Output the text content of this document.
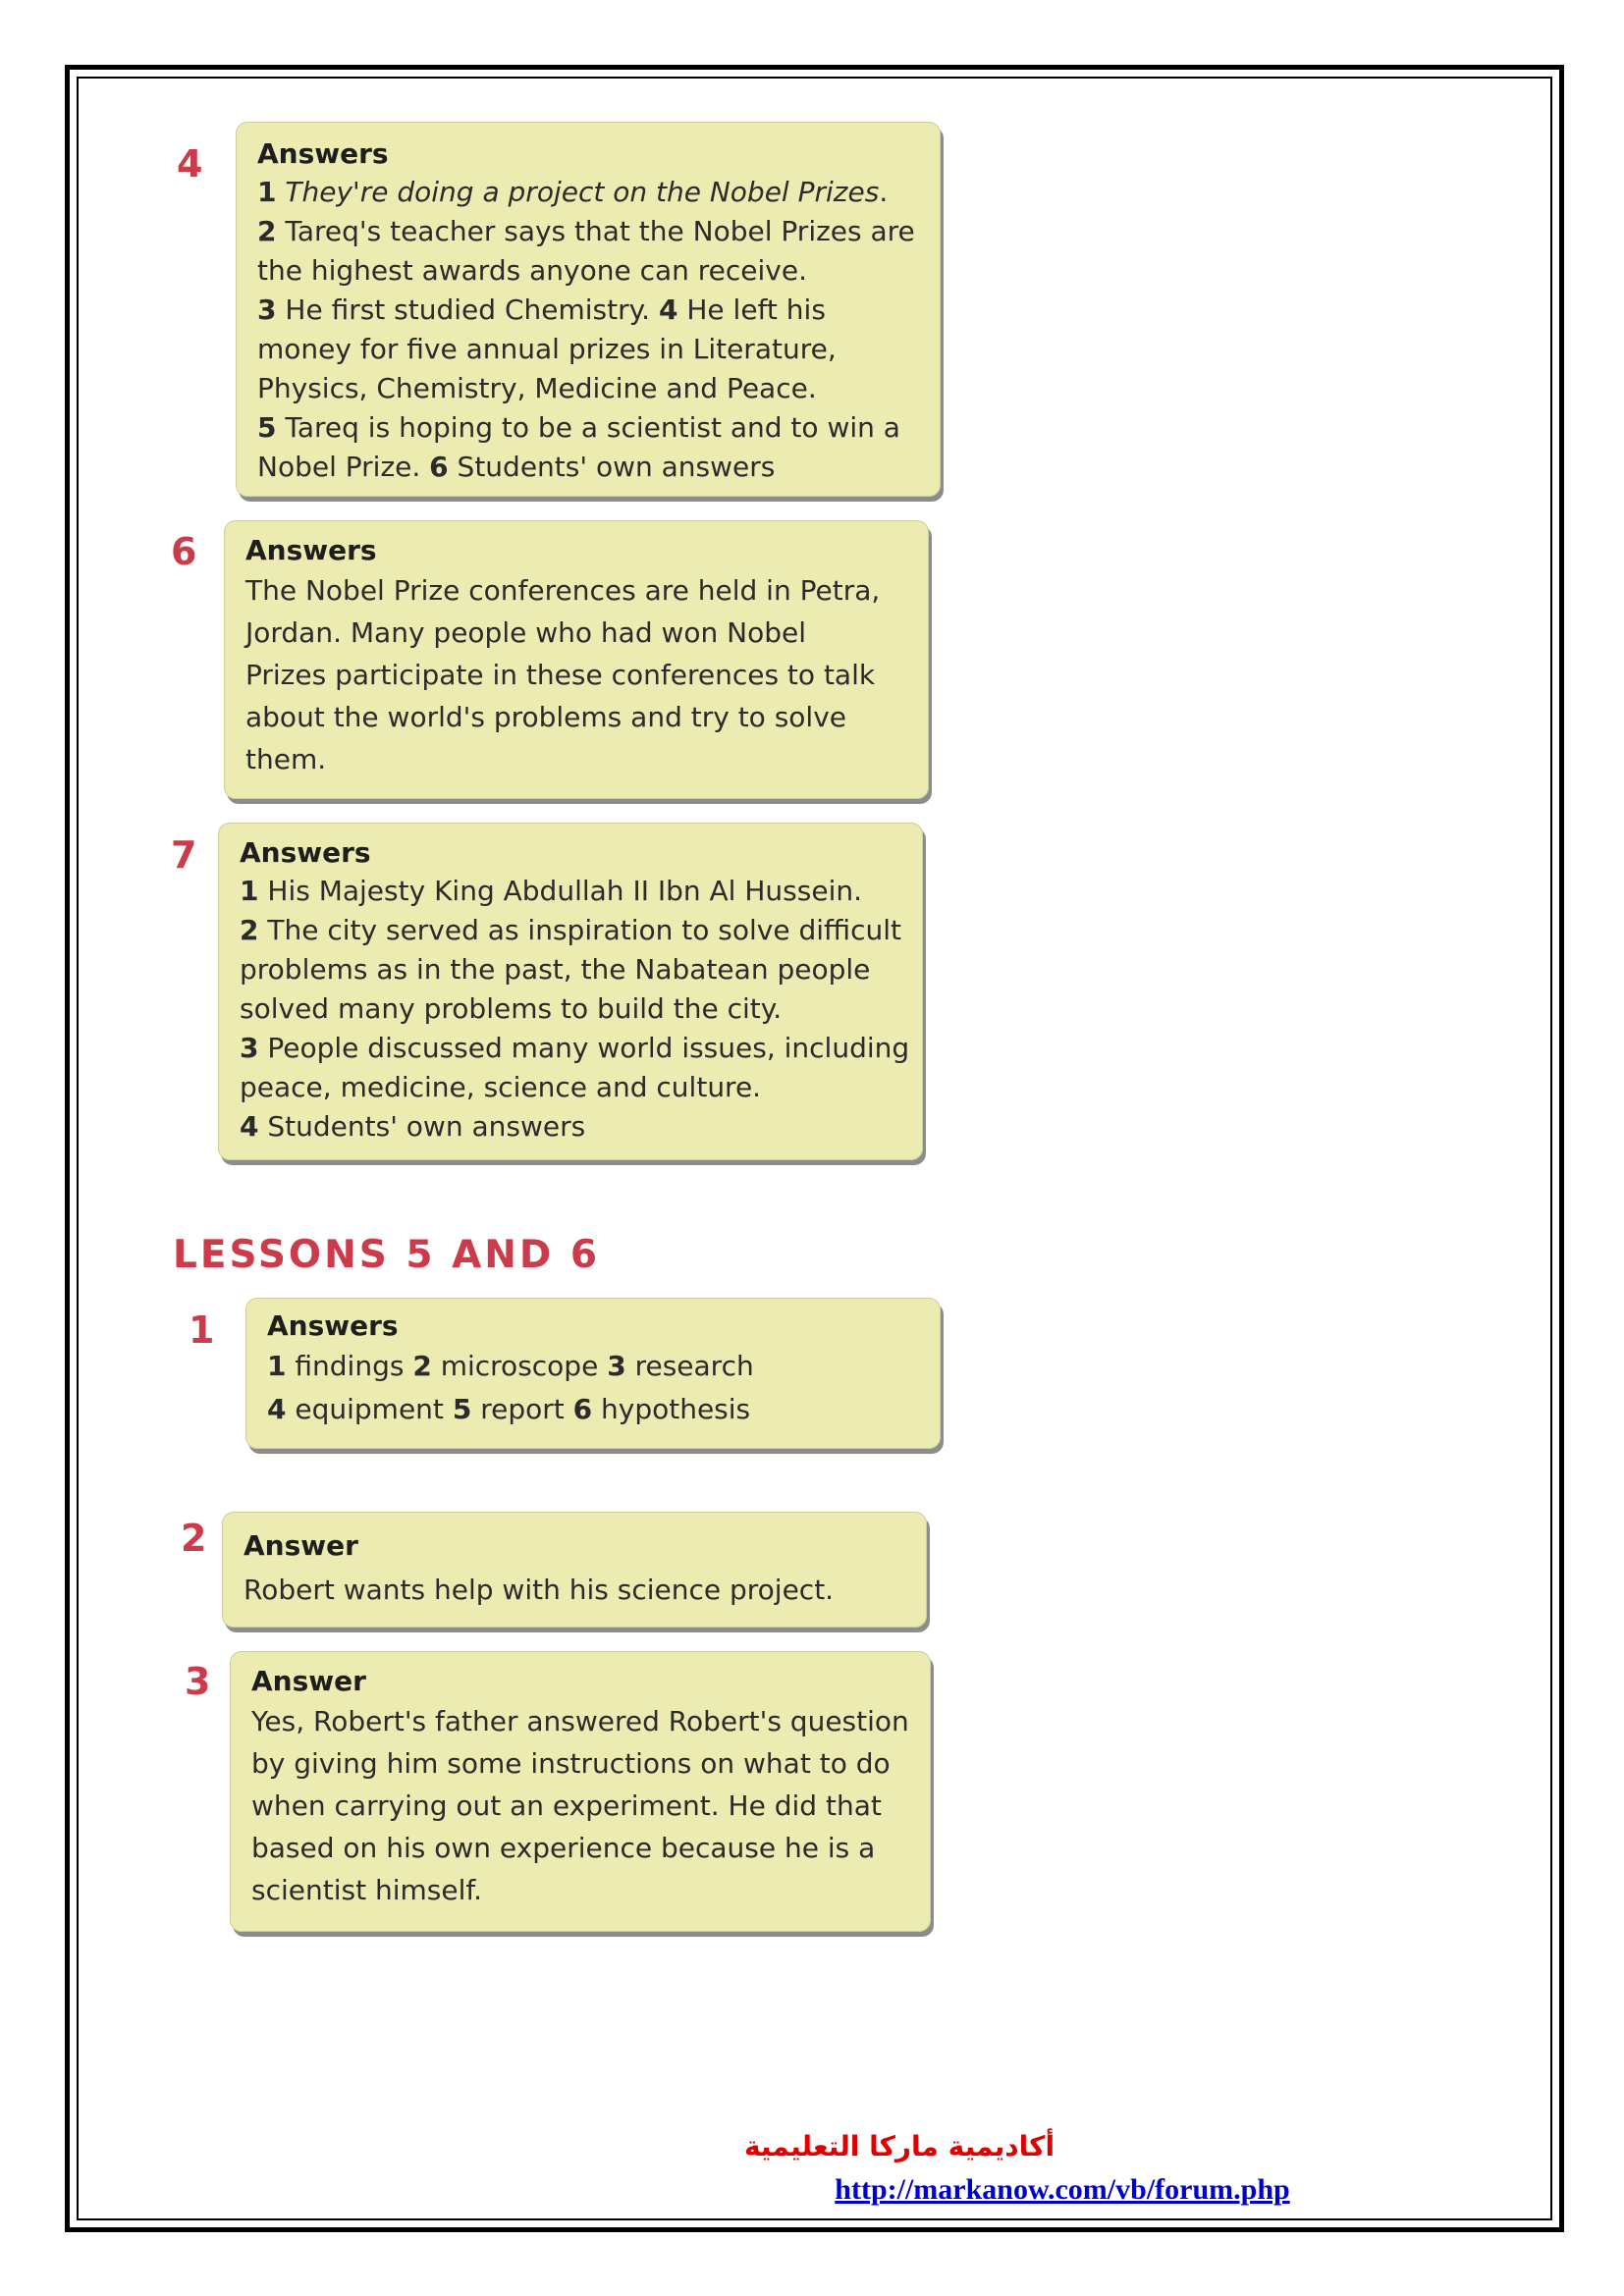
4 Answers
1 They're doing a project on the Nobel Prizes.
2 Tareq's teacher says that the Nobel Prizes are
the highest awards anyone can receive.
3 He first studied Chemistry. 4 He left his
money for five annual prizes in Literature,
Physics, Chemistry, Medicine and Peace.
5 Tareq is hoping to be a scientist and to win a
Nobel Prize. 6 Students' own answers
6 Answers
The Nobel Prize conferences are held in Petra,
Jordan. Many people who had won Nobel
Prizes participate in these conferences to talk
about the world's problems and try to solve
them.
7 Answers
1 His Majesty King Abdullah II Ibn Al Hussein.
2 The city served as inspiration to solve difficult
problems as in the past, the Nabatean people
solved many problems to build the city.
3 People discussed many world issues, including
peace, medicine, science and culture.
4 Students' own answers
LESSONS 5 AND 6
1 Answers
1 findings 2 microscope 3 research
4 equipment 5 report 6 hypothesis
2 Answer
Robert wants help with his science project.
3 Answer
Yes, Robert's father answered Robert's question
by giving him some instructions on what to do
when carrying out an experiment. He did that
based on his own experience because he is a
scientist himself.
أكاديمية ماركا التعليمية
http://markanow.com/vb/forum.php
